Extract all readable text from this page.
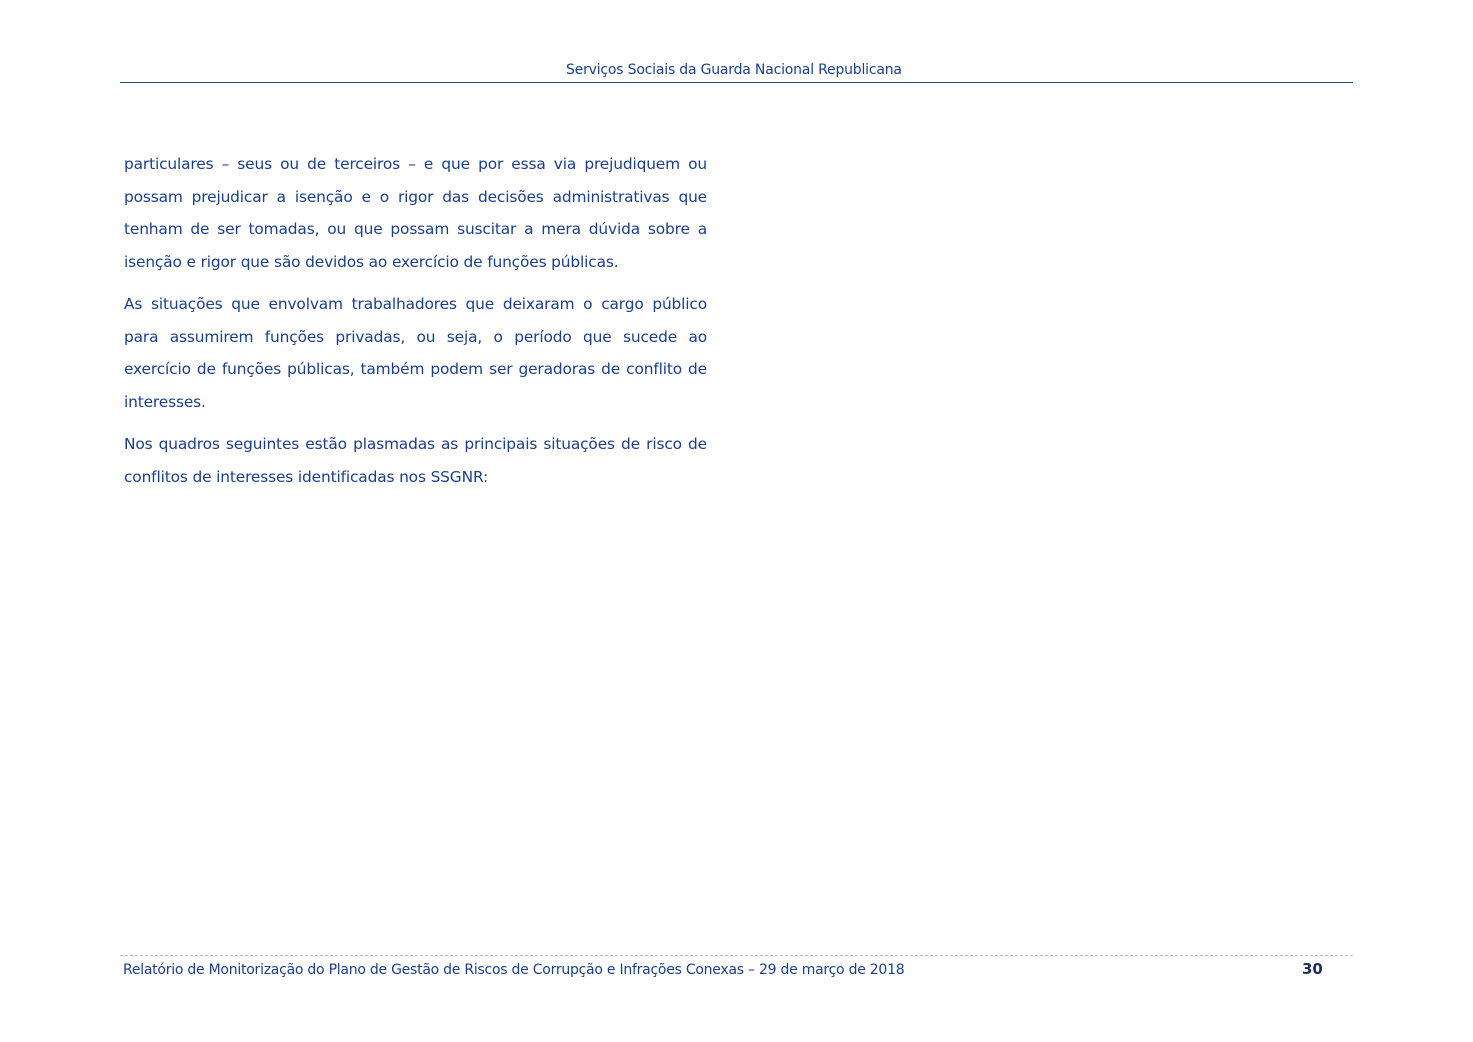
Serviços Sociais da Guarda Nacional Republicana

particulares – seus ou de terceiros – e que por essa via prejudiquem ou possam prejudicar a isenção e o rigor das decisões administrativas que tenham de ser tomadas, ou que possam suscitar a mera dúvida sobre a isenção e rigor que são devidos ao exercício de funções públicas.

As situações que envolvam trabalhadores que deixaram o cargo público para assumirem funções privadas, ou seja, o período que sucede ao exercício de funções públicas, também podem ser geradoras de conflito de interesses.

Nos quadros seguintes estão plasmadas as principais situações de risco de conflitos de interesses identificadas nos SSGNR:

Relatório de Monitorização do Plano de Gestão de Riscos de Corrupção e Infrações Conexas – 29 de março de 2018	30
